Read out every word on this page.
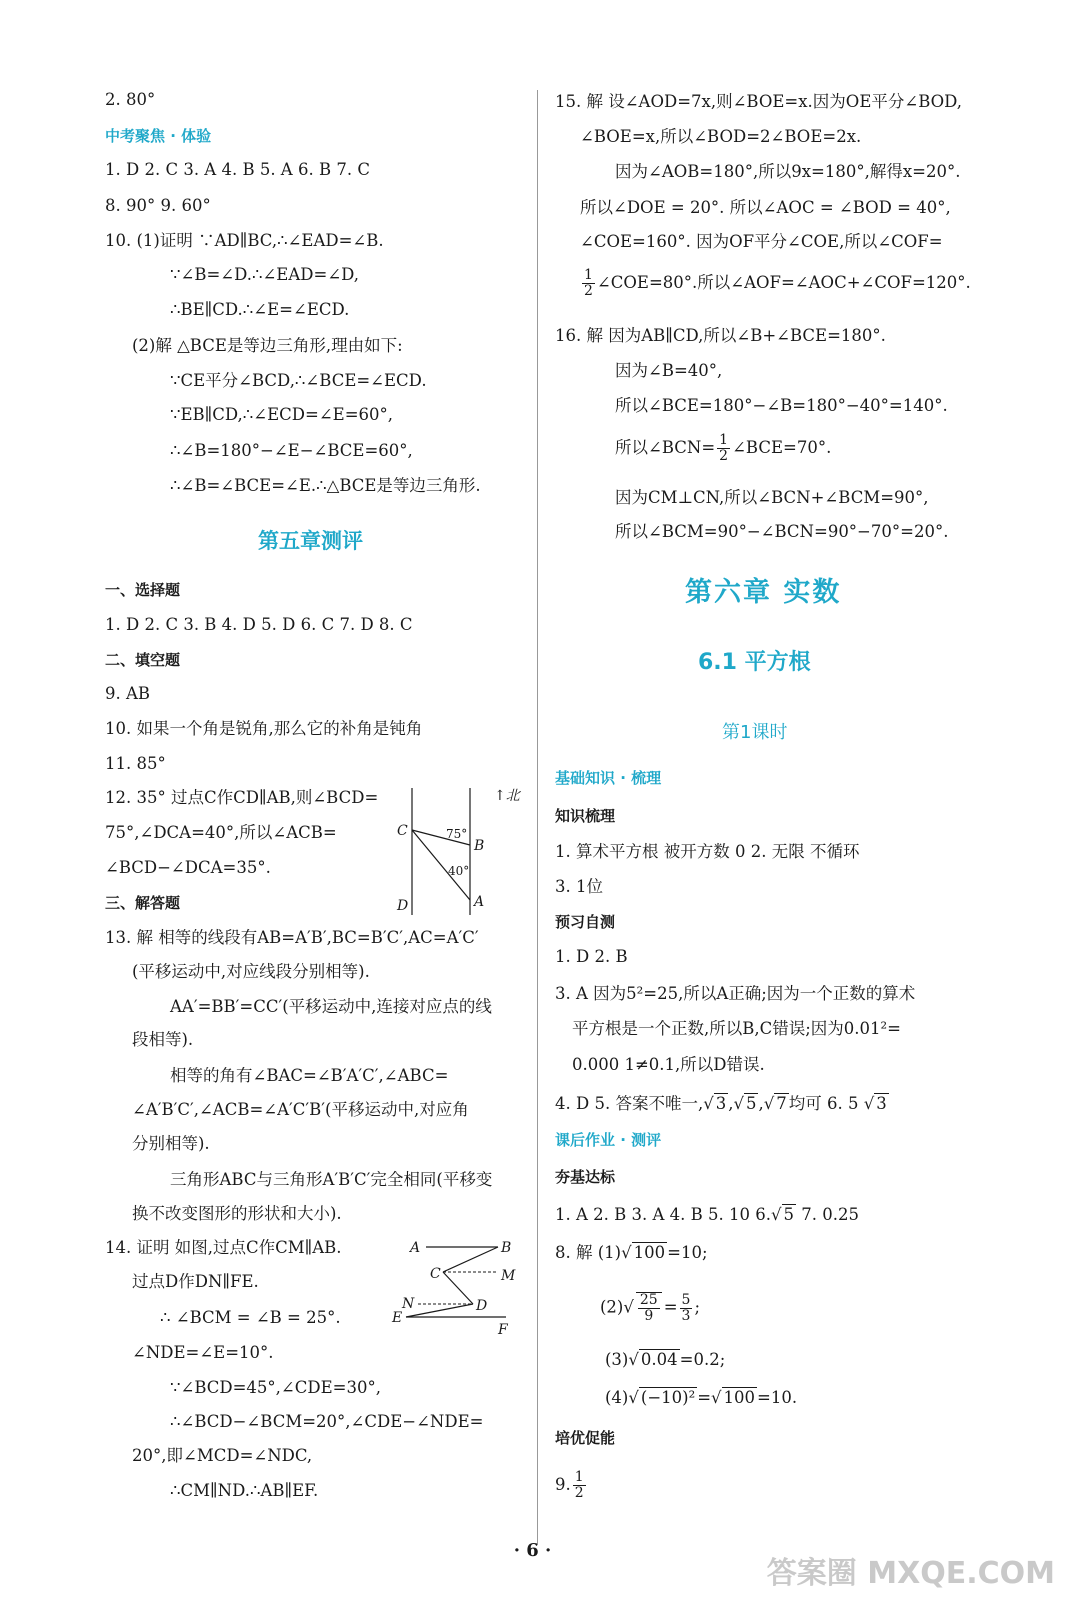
2. 80°
中考聚焦 · 体验
1. D 2. C 3. A 4. B 5. A 6. B 7. C
8. 90° 9. 60°
10. (1)证明 ∵AD∥BC,∴∠EAD=∠B.
∵∠B=∠D.∴∠EAD=∠D,
∴BE∥CD.∴∠E=∠ECD.
(2)解 △BCE是等边三角形,理由如下:
∵CE平分∠BCD,∴∠BCE=∠ECD.
∵EB∥CD,∴∠ECD=∠E=60°,
∴∠B=180°−∠E−∠BCE=60°,
∴∠B=∠BCE=∠E.∴△BCE是等边三角形.
第五章测评
一、选择题
1. D 2. C 3. B 4. D 5. D 6. C 7. D 8. C
二、填空题
9. AB
10. 如果一个角是锐角,那么它的补角是钝角
11. 85°
12. 35° 过点C作CD∥AB,则∠BCD=
75°,∠DCA=40°,所以∠ACB=
∠BCD−∠DCA=35°.
↑北
C
B
D	A
75°
40°
三、解答题
13. 解 相等的线段有AB=A′B′,BC=B′C′,AC=A′C′
(平移运动中,对应线段分别相等).
AA′=BB′=CC′(平移运动中,连接对应点的线
段相等).
相等的角有∠BAC=∠B′A′C′,∠ABC=
∠A′B′C′,∠ACB=∠A′C′B′(平移运动中,对应角
分别相等).
三角形ABC与三角形A′B′C′完全相同(平移变
换不改变图形的形状和大小).
14. 证明 如图,过点C作CM∥AB.
过点D作DN∥FE.
∴ ∠BCM = ∠B = 25°.
∠NDE=∠E=10°.
∵∠BCD=45°,∠CDE=30°,
∴∠BCD−∠BCM=20°,∠CDE−∠NDE=
20°,即∠MCD=∠NDC,
∴CM∥ND.∴AB∥EF.
A	B
C	M
N	D
E
F
15. 解 设∠AOD=7x,则∠BOE=x.因为OE平分∠BOD,
∠BOE=x,所以∠BOD=2∠BOE=2x.
因为∠AOB=180°,所以9x=180°,解得x=20°.
所以∠DOE = 20°. 所以∠AOC = ∠BOD = 40°,
∠COE=160°. 因为OF平分∠COE,所以∠COF=
$\frac{1}{2}$ ∠COE=80°.所以∠AOF=∠AOC+∠COF=120°.
16. 解 因为AB∥CD,所以∠B+∠BCE=180°.
因为∠B=40°,
所以∠BCE=180°−∠B=180°−40°=140°.
所以∠BCN= $\frac{1}{2}$ ∠BCE=70°.
因为CM⊥CN,所以∠BCN+∠BCM=90°,
所以∠BCM=90°−∠BCN=90°−70°=20°.
第六章 实数
6.1 平方根
第1课时
基础知识 · 梳理
知识梳理
1. 算术平方根 被开方数 0 2. 无限 不循环
3. 1位
预习自测
1. D 2. B
3. A 因为5²=25,所以A正确;因为一个正数的算术
平方根是一个正数,所以B,C错误;因为0.01²=
0.000 1≠0.1,所以D错误.
4. D 5. 答案不唯一,√ 3 ,√ 5 ,√ 7 均可 6. 5 √ 3
课后作业 · 测评
夯基达标
1. A 2. B 3. A 4. B 5. 10 6.√ 5 7. 0.25
8. 解 (1)√ 100 =10;
$(2)√ \frac{25}{9} = \frac{5}{3}$ ;
(3)√ 0.04 =0.2;
(4)√ (−10)² =√ 100 =10.
培优促能
9. $\frac{1}{2}$
· 6 ·
答案圈 MXQE.COM
